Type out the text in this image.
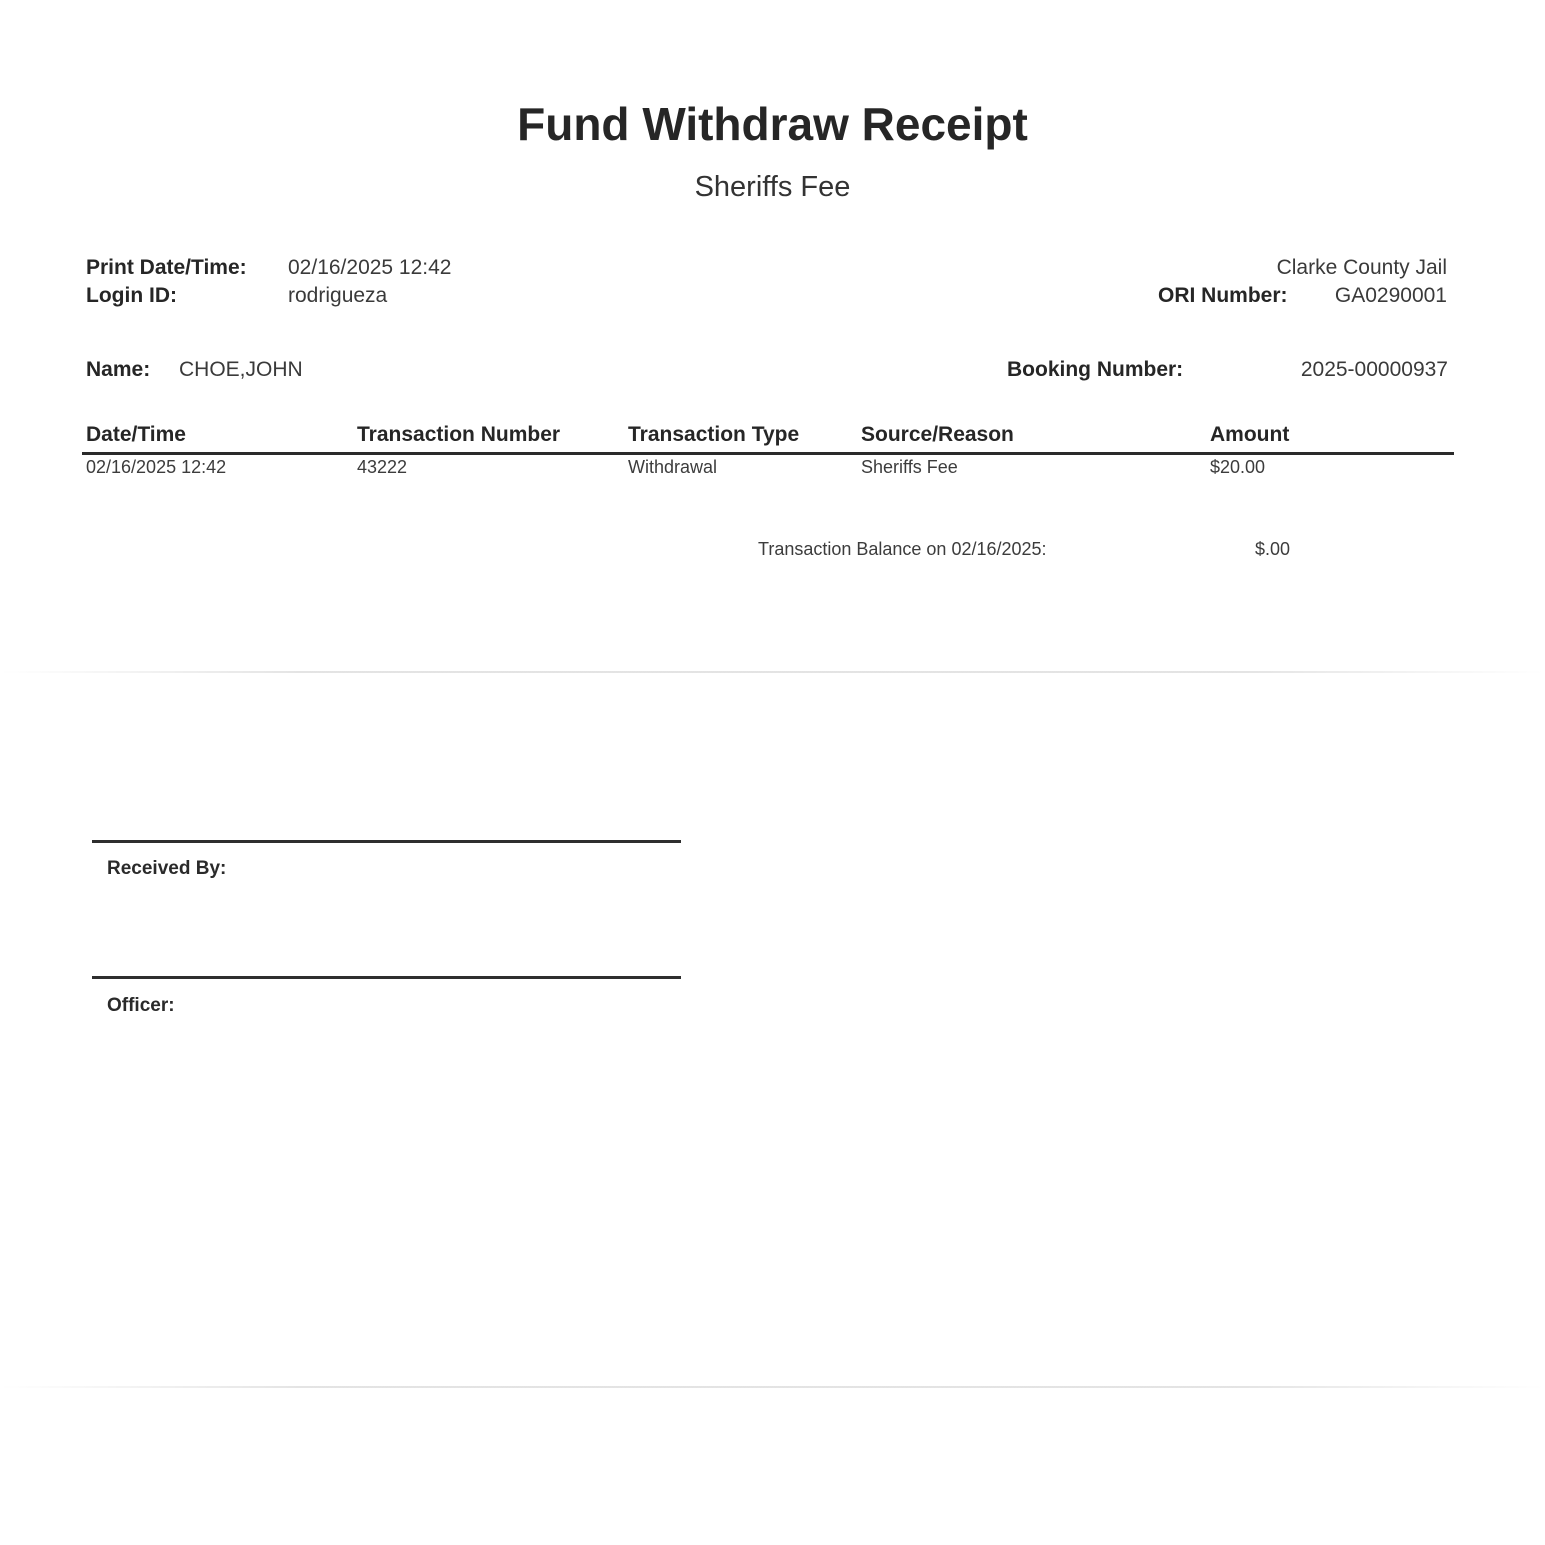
Fund Withdraw Receipt
Sheriffs Fee
Print Date/Time: 02/16/2025 12:42
Login ID:	rodrigueza
Clarke County Jail
ORI Number: GA0290001
Name: CHOE,JOHN	Booking Number:	2025-00000937
Date/Time	Transaction Number	Transaction Type	Source/Reason	Amount
02/16/2025 12:42	43222	Withdrawal	Sheriffs Fee	$20.00
Transaction Balance on 02/16/2025:	$.00
Received By:
Officer:
